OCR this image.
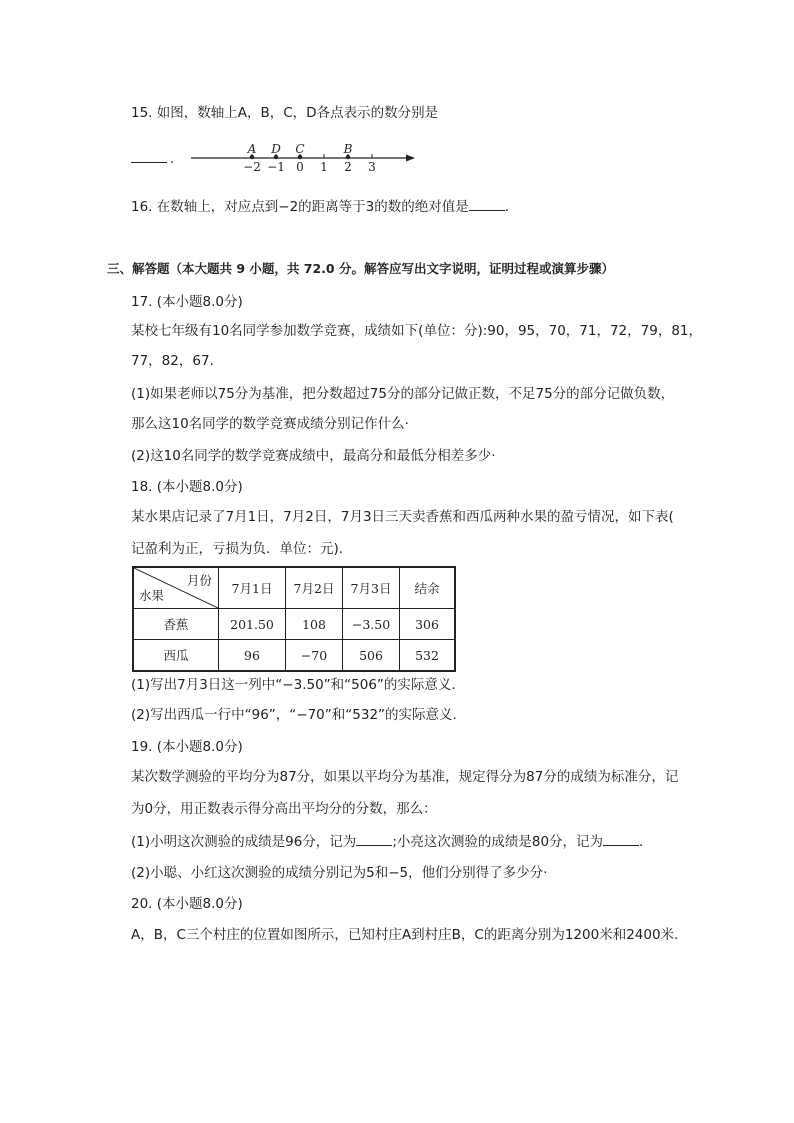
15. 如图，数轴上A，B，C，D各点表示的数分别是
.	−2 −1 0 1 2 3
A D C	B
16. 在数轴上，对应点到−2的距离等于3的数的绝对值是	.
三、解答题（本大题共 9 小题，共 72.0 分。解答应写出文字说明，证明过程或演算步骤）
17. (本小题8.0分)
某校七年级有10名同学参加数学竞赛，成绩如下(单位：分):90，95，70，71，72，79，81，
77，82，67.
(1)如果老师以75分为基准，把分数超过75分的部分记做正数，不足75分的部分记做负数，
那么这10名同学的数学竞赛成绩分别记作什么·
(2)这10名同学的数学竞赛成绩中，最高分和最低分相差多少·
18. (本小题8.0分)
某水果店记录了7月1日，7月2日，7月3日三天卖香蕉和西瓜两种水果的盈亏情况，如下表(
记盈利为正，亏损为负．单位：元).
月份
水果	7月1日	7月2日	7月3日	结余
香蕉	201.50	108	−3.50	306
西瓜	96	−70	506	532
(1)写出7月3日这一列中“−3.50”和“506”的实际意义.
(2)写出西瓜一行中“96”，“−70”和“532”的实际意义.
19. (本小题8.0分)
某次数学测验的平均分为87分，如果以平均分为基准，规定得分为87分的成绩为标准分，记
为0分，用正数表示得分高出平均分的分数，那么：
(1)小明这次测验的成绩是96分，记为	;小亮这次测验的成绩是80分，记为	.
(2)小聪、小红这次测验的成绩分别记为5和−5，他们分别得了多少分·
20. (本小题8.0分)
A，B，C三个村庄的位置如图所示，已知村庄A到村庄B，C的距离分别为1200米和2400米.
